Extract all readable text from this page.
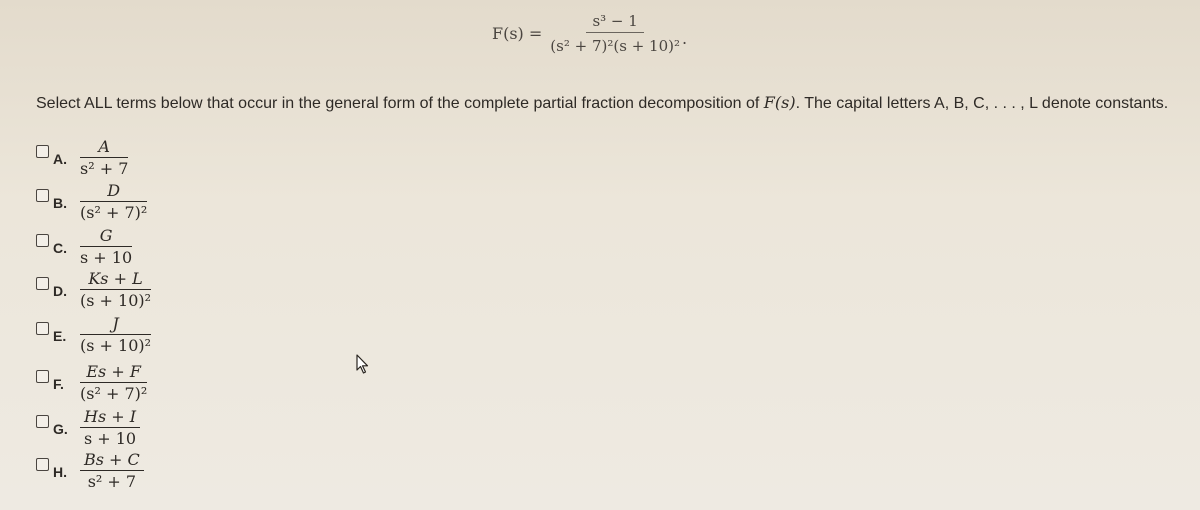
$F(s) = \frac{\text{s³ − 1}}{\text{(s² + 7)²(s + 10)²}}$ .
Select ALL terms below that occur in the general form of the complete partial fraction decomposition of F(s). The capital letters A, B, C, . . . , L denote constants.
A.
A
s² + 7
B.
D
(s² + 7)²
C.
G
s + 10
D.
Ks + L
(s + 10)²
E.
J
(s + 10)²
F.
Es + F
(s² + 7)²
G.
Hs + I
s + 10
H.
Bs + C
s² + 7
